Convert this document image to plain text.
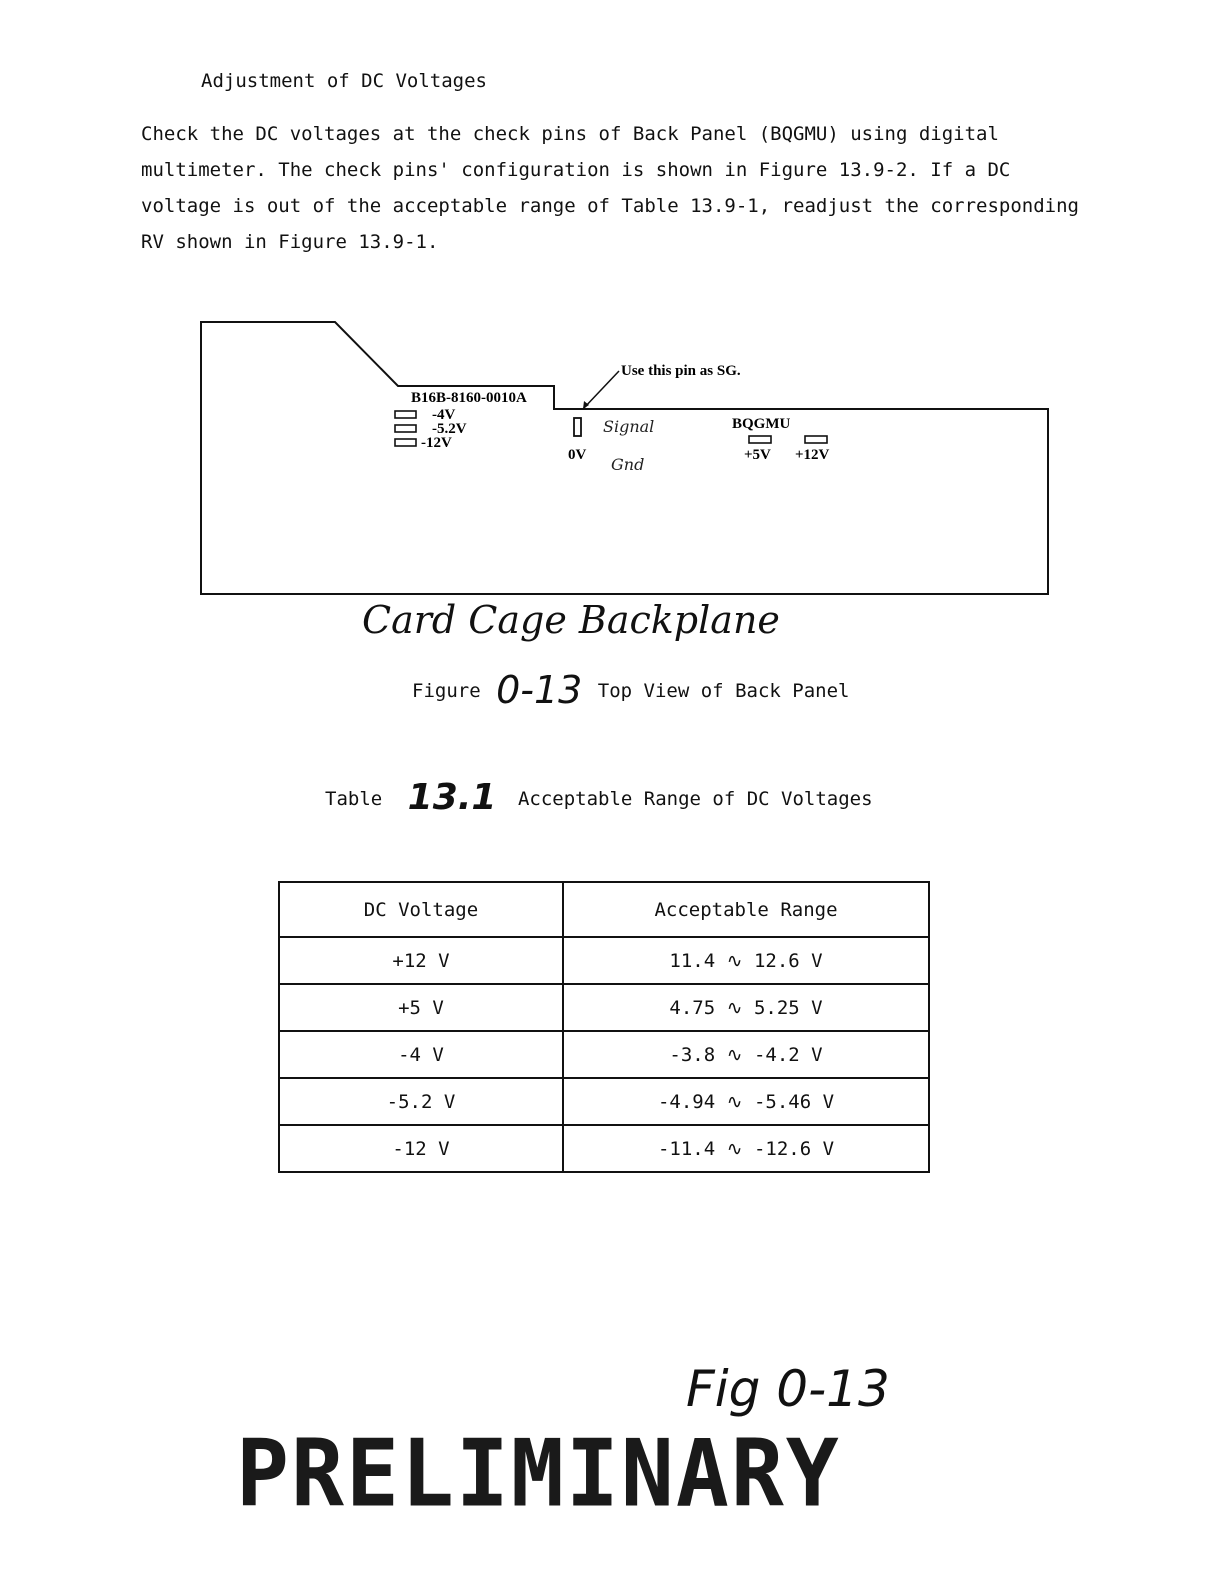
Adjustment of DC Voltages
Check the DC voltages at the check pins of Back Panel (BQGMU) using digital
multimeter. The check pins' configuration is shown in Figure 13.9-2. If a DC
voltage is out of the acceptable range of Table 13.9-1, readjust the corresponding
RV shown in Figure 13.9-1.
B16B-8160-0010A
-4V
-5.2V
-12V
Use this pin as SG.
0V
Signal
Gnd
BQGMU
+5V +12V
Card Cage Backplane
Figure 0-13 Top View of Back Panel
Table 13.1 Acceptable Range of DC Voltages
DC Voltage	Acceptable Range
+12 V	11.4 ∿ 12.6 V
+5 V	4.75 ∿ 5.25 V
-4 V	-3.8 ∿ -4.2 V
-5.2 V	-4.94 ∿ -5.46 V
-12 V	-11.4 ∿ -12.6 V
Fig 0-13
PRELIMINARY
